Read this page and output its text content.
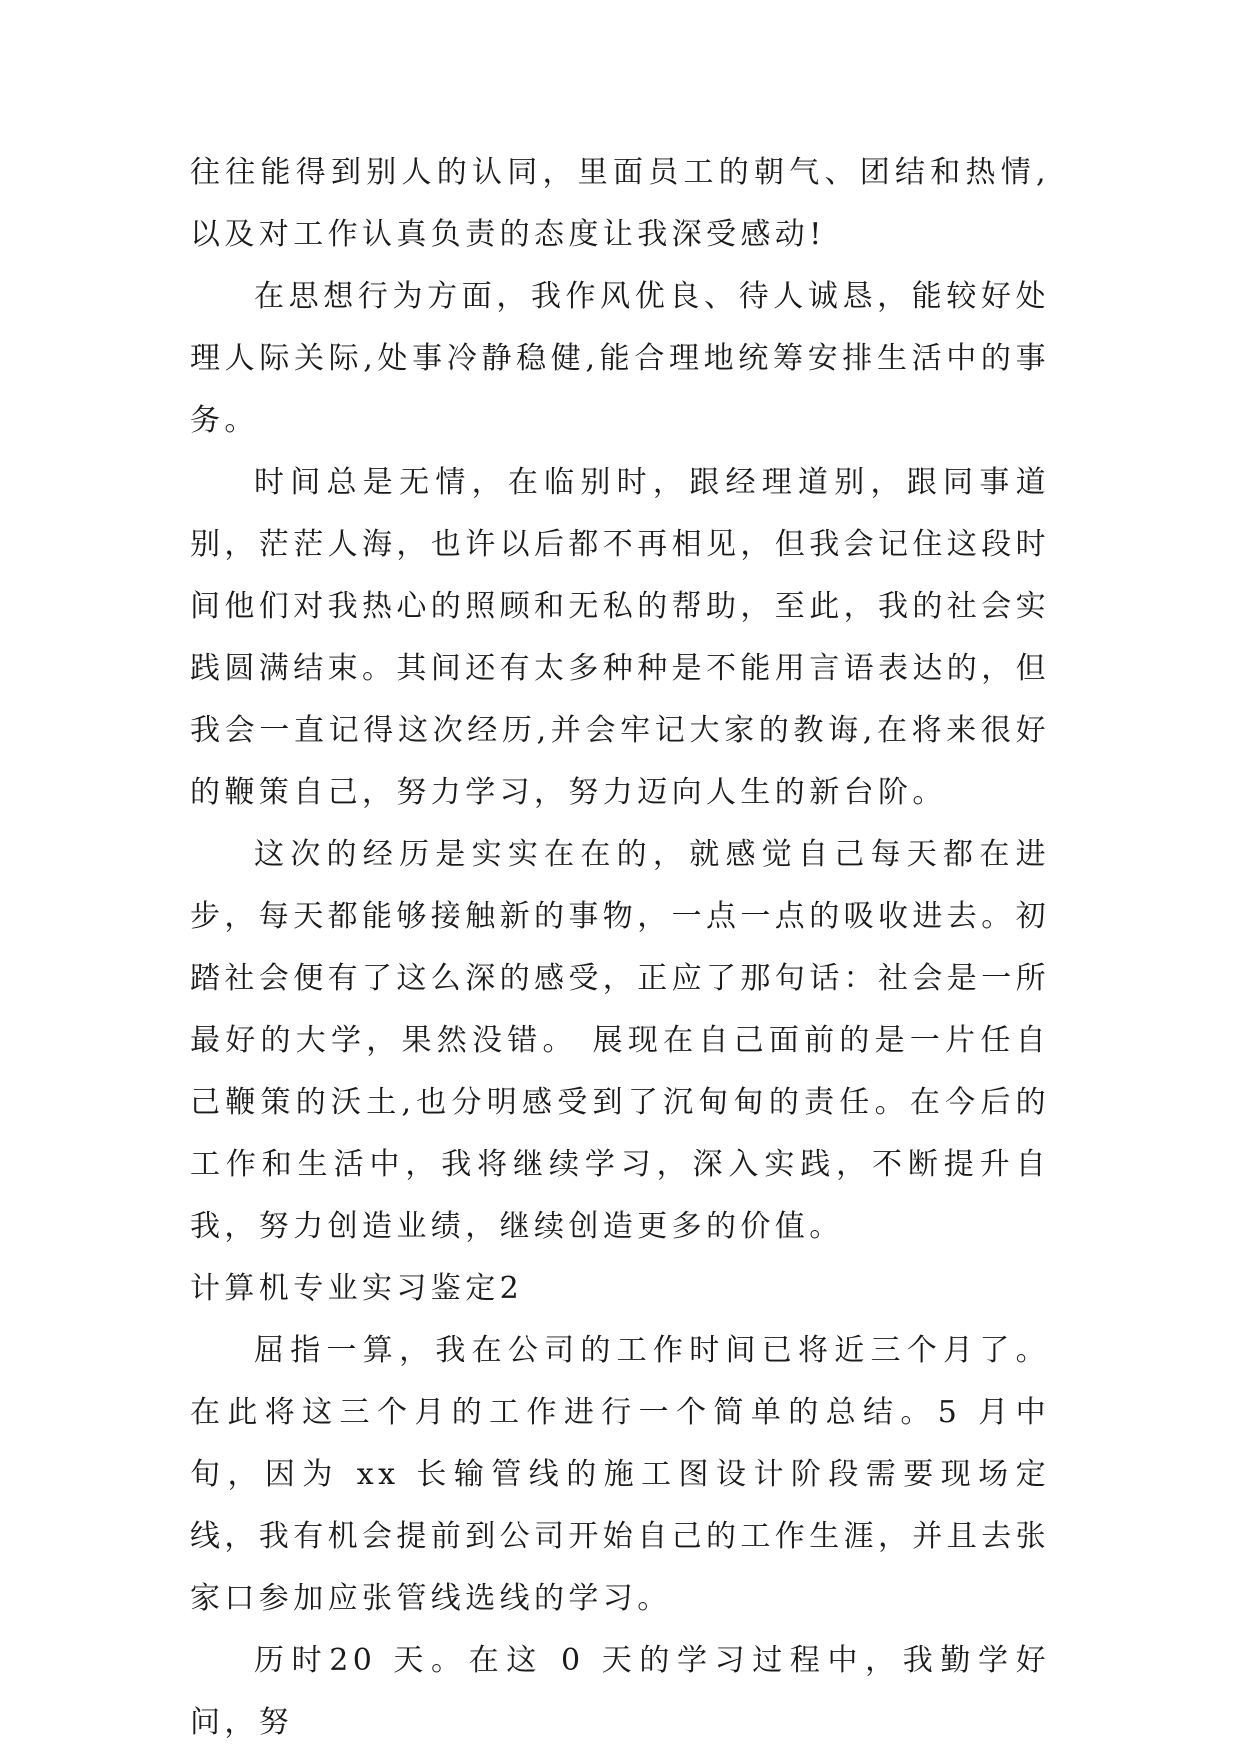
往往能得到别人的认同，里面员工的朝气、团结和热情,以及对工作认真负责的态度让我深受感动!

在思想行为方面，我作风优良、待人诚恳，能较好处理人际关际,处事冷静稳健,能合理地统筹安排生活中的事务。

时间总是无情，在临别时，跟经理道别，跟同事道别，茫茫人海，也许以后都不再相见，但我会记住这段时间他们对我热心的照顾和无私的帮助，至此，我的社会实践圆满结束。其间还有太多种种是不能用言语表达的，但我会一直记得这次经历,并会牢记大家的教诲,在将来很好的鞭策自己，努力学习，努力迈向人生的新台阶。

这次的经历是实实在在的，就感觉自己每天都在进步，每天都能够接触新的事物，一点一点的吸收进去。初踏社会便有了这么深的感受，正应了那句话：社会是一所最好的大学，果然没错。 展现在自己面前的是一片任自己鞭策的沃土,也分明感受到了沉甸甸的责任。在今后的工作和生活中，我将继续学习，深入实践，不断提升自我，努力创造业绩，继续创造更多的价值。

计算机专业实习鉴定2

屈指一算，我在公司的工作时间已将近三个月了。 在此将这三个月的工作进行一个简单的总结。5 月中旬，因为 xx 长输管线的施工图设计阶段需要现场定线，我有机会提前到公司开始自己的工作生涯，并且去张家口参加应张管线选线的学习。

历时20 天。在这 0 天的学习过程中，我勤学好问，努
